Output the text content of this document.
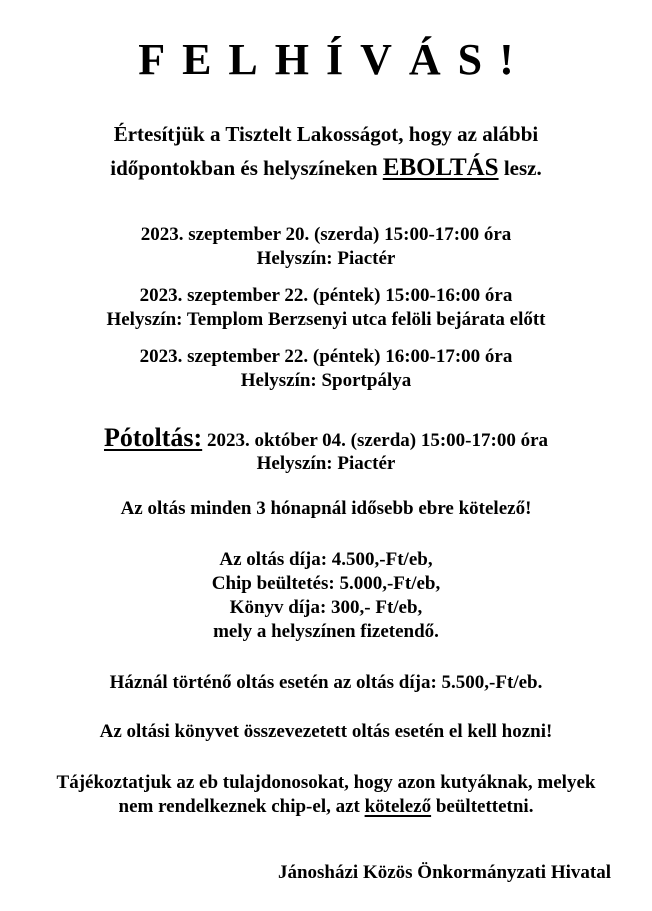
FELHÍVÁS!
Értesítjük a Tisztelt Lakosságot, hogy az alábbi
időpontokban és helyszíneken EBOLTÁS lesz.
2023. szeptember 20. (szerda) 15:00-17:00 óra
Helyszín: Piactér
2023. szeptember 22. (péntek) 15:00-16:00 óra
Helyszín: Templom Berzsenyi utca felöli bejárata előtt
2023. szeptember 22. (péntek) 16:00-17:00 óra
Helyszín: Sportpálya
Pótoltás: 2023. október 04. (szerda) 15:00-17:00 óra
Helyszín: Piactér
Az oltás minden 3 hónapnál idősebb ebre kötelező!
Az oltás díja: 4.500,-Ft/eb,
Chip beültetés: 5.000,-Ft/eb,
Könyv díja: 300,- Ft/eb,
mely a helyszínen fizetendő.
Háznál történő oltás esetén az oltás díja: 5.500,-Ft/eb.
Az oltási könyvet összevezetett oltás esetén el kell hozni!
Tájékoztatjuk az eb tulajdonosokat, hogy azon kutyáknak, melyek
nem rendelkeznek chip-el, azt kötelező beültettetni.
Jánosházi Közös Önkormányzati Hivatal
